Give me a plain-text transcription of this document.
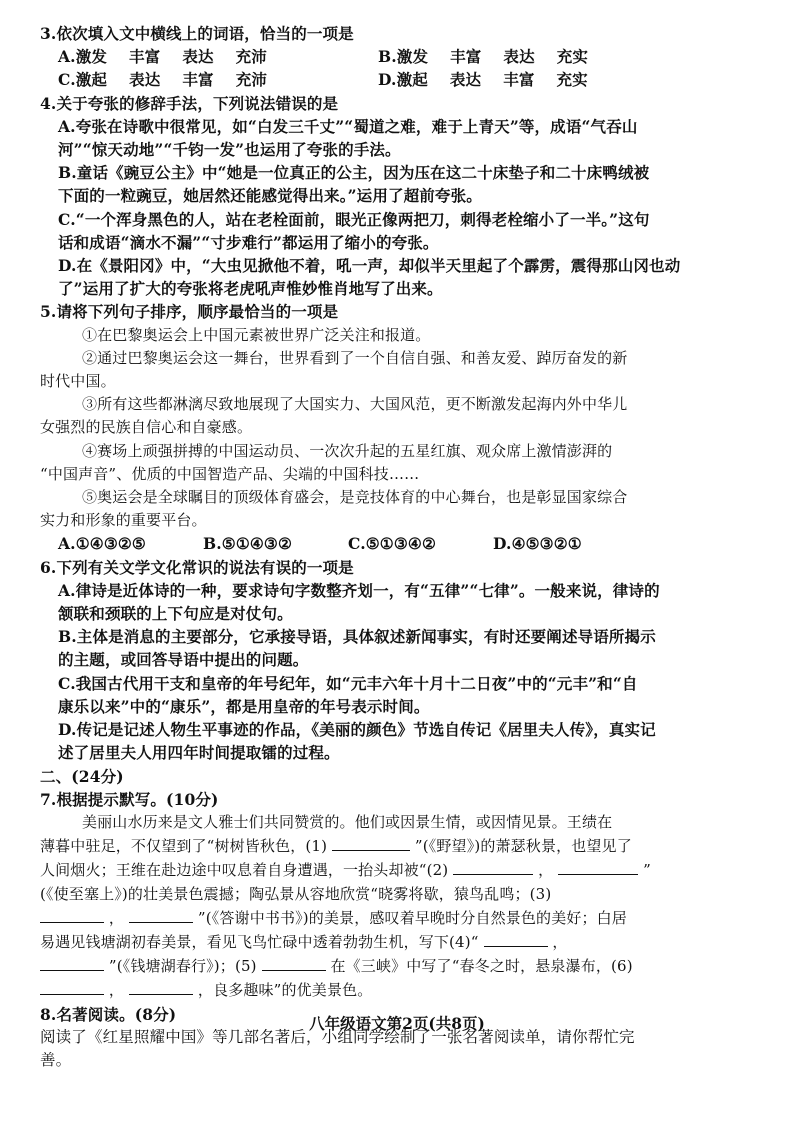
3.依次填入文中横线上的词语，恰当的一项是
A.激发 丰富 表达 充沛	B.激发 丰富 表达 充实
C.激起 表达 丰富 充沛	D.激起 表达 丰富 充实
4.关于夸张的修辞手法，下列说法错误的是
A.夸张在诗歌中很常见，如“白发三千丈”“蜀道之难，难于上青天”等，成语“气吞山
河”“惊天动地”“千钧一发”也运用了夸张的手法。
B.童话《豌豆公主》中“她是一位真正的公主，因为压在这二十床垫子和二十床鸭绒被
下面的一粒豌豆，她居然还能感觉得出来。”运用了超前夸张。
C.“一个浑身黑色的人，站在老栓面前，眼光正像两把刀，刺得老栓缩小了一半。”这句
话和成语“滴水不漏”“寸步难行”都运用了缩小的夸张。
D.在《景阳冈》中，“大虫见掀他不着，吼一声，却似半天里起了个霹雳，震得那山冈也动
了”运用了扩大的夸张将老虎吼声惟妙惟肖地写了出来。
5.请将下列句子排序，顺序最恰当的一项是
①在巴黎奥运会上中国元素被世界广泛关注和报道。
②通过巴黎奥运会这一舞台，世界看到了一个自信自强、和善友爱、踔厉奋发的新
时代中国。
③所有这些都淋漓尽致地展现了大国实力、大国风范，更不断激发起海内外中华儿
女强烈的民族自信心和自豪感。
④赛场上顽强拼搏的中国运动员、一次次升起的五星红旗、观众席上激情澎湃的
“中国声音”、优质的中国智造产品、尖端的中国科技……
⑤奥运会是全球瞩目的顶级体育盛会，是竞技体育的中心舞台，也是彰显国家综合
实力和形象的重要平台。
A.①④③②⑤	B.⑤①④③②	C.⑤①③④②	D.④⑤③②①
6.下列有关文学文化常识的说法有误的一项是
A.律诗是近体诗的一种，要求诗句字数整齐划一，有“五律”“七律”。一般来说，律诗的
颔联和颈联的上下句应是对仗句。
B.主体是消息的主要部分，它承接导语，具体叙述新闻事实，有时还要阐述导语所揭示
的主题，或回答导语中提出的问题。
C.我国古代用干支和皇帝的年号纪年，如“元丰六年十月十二日夜”中的“元丰”和“自
康乐以来”中的“康乐”，都是用皇帝的年号表示时间。
D.传记是记述人物生平事迹的作品，《美丽的颜色》节选自传记《居里夫人传》，真实记
述了居里夫人用四年时间提取镭的过程。
二、(24分)
7.根据提示默写。(10分)
美丽山水历来是文人雅士们共同赞赏的。他们或因景生情，或因情见景。王绩在
薄暮中驻足，不仅望到了“树树皆秋色，(1)	”(《野望》)的萧瑟秋景，也望见了
人间烟火；王维在赴边途中叹息着自身遭遇，一抬头却被“(2)	，	”
(《使至塞上》)的壮美景色震撼；陶弘景从容地欣赏“晓雾将歇，猿鸟乱鸣；(3)
，	”(《答谢中书书》)的美景，感叹着早晚时分自然景色的美好；白居
易遇见钱塘湖初春美景，看见飞鸟忙碌中透着勃勃生机，写下(4)“	，
”(《钱塘湖春行》)；(5)	在《三峡》中写了“春冬之时，悬泉瀑布，(6)
，	，良多趣味”的优美景色。
8.名著阅读。(8分)
阅读了《红星照耀中国》等几部名著后，小组同学绘制了一张名著阅读单，请你帮忙完
善。
八年级语文第2页(共8页)
